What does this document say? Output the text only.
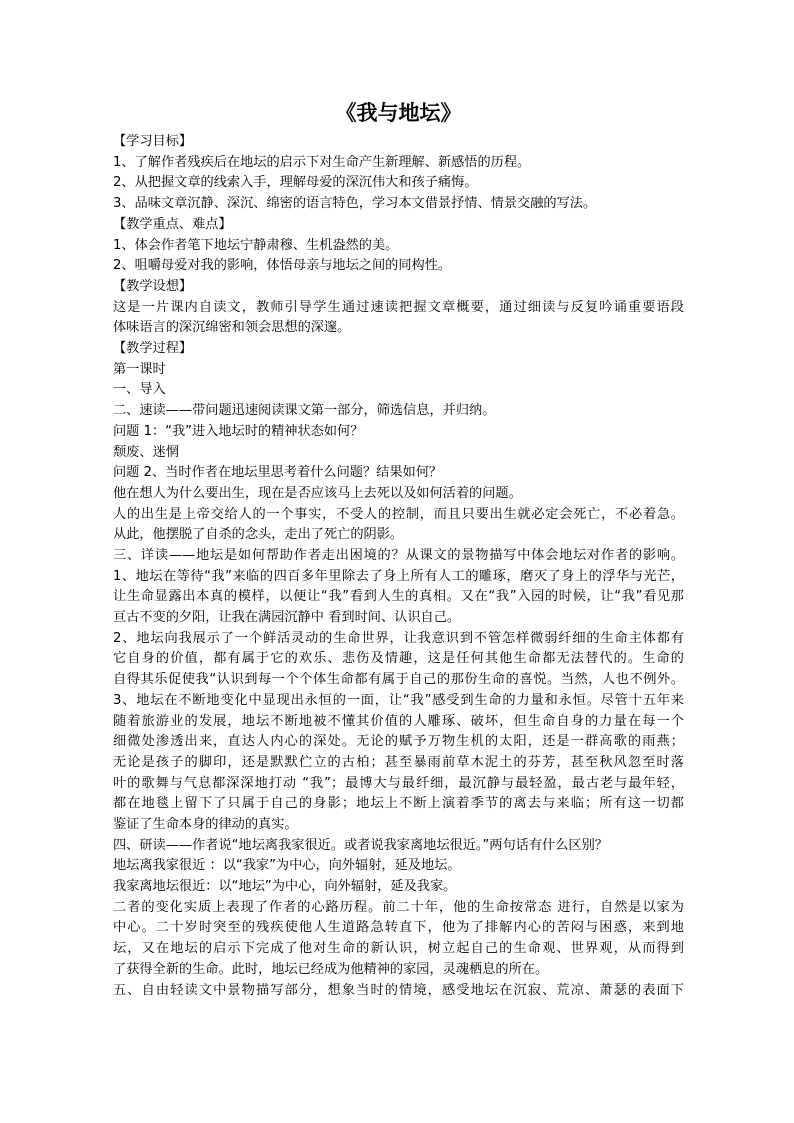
《我与地坛》

【学习目标】

1、了解作者残疾后在地坛的启示下对生命产生新理解、新感悟的历程。

2、从把握文章的线索入手，理解母爱的深沉伟大和孩子痛悔。

3、品味文章沉静、深沉、绵密的语言特色，学习本文借景抒情、情景交融的写法。

【教学重点、难点】

1、体会作者笔下地坛宁静肃穆、生机盎然的美。

2、咀嚼母爱对我的影响，体悟母亲与地坛之间的同构性。

【教学设想】

这是一片课内自读文，教师引导学生通过速读把握文章概要，通过细读与反复吟诵重要语段

体味语言的深沉绵密和领会思想的深邃。

【教学过程】

第一课时

一、导入

二、速读——带问题迅速阅读课文第一部分，筛选信息，并归纳。

问题 1：“我”进入地坛时的精神状态如何？

颓废、迷惘

问题 2、当时作者在地坛里思考着什么问题？结果如何？

他在想人为什么要出生，现在是否应该马上去死以及如何活着的问题。

人的出生是上帝交给人的一个事实，不受人的控制，而且只要出生就必定会死亡，不必着急。

从此，他摆脱了自杀的念头，走出了死亡的阴影。

三、详读——地坛是如何帮助作者走出困境的？从课文的景物描写中体会地坛对作者的影响。

1、地坛在等待“我”来临的四百多年里除去了身上所有人工的雕琢，磨灭了身上的浮华与光芒，

让生命显露出本真的模样，以便让“我”看到人生的真相。又在“我”入园的时候，让“我”看见那

亘古不变的夕阳，让我在满园沉静中 看到时间、认识自己。

2、地坛向我展示了一个鲜活灵动的生命世界，让我意识到不管怎样微弱纤细的生命主体都有

它自身的价值，都有属于它的欢乐、悲伤及情趣，这是任何其他生命都无法替代的。生命的

自得其乐促使我“认识到每一个个体生命都有属于自己的那份生命的喜悦。当然，人也不例外。

3、地坛在不断地变化中显现出永恒的一面，让“我”感受到生命的力量和永恒。尽管十五年来

随着旅游业的发展，地坛不断地被不懂其价值的人雕琢、破坏，但生命自身的力量在每一个

细微处渗透出来，直达人内心的深处。无论的赋予万物生机的太阳，还是一群高歌的雨燕；

无论是孩子的脚印，还是默默伫立的古柏；甚至暴雨前草木泥土的芬芳，甚至秋风忽至时落

叶的歌舞与气息都深深地打动 “我”；最博大与最纤细，最沉静与最轻盈，最古老与最年轻，

都在地毯上留下了只属于自己的身影；地坛上不断上演着季节的离去与来临；所有这一切都

鉴证了生命本身的律动的真实。

四、研读——作者说“地坛离我家很近。或者说我家离地坛很近。”两句话有什么区别？

地坛离我家很近 ：以“我家”为中心，向外辐射，延及地坛。

我家离地坛很近：以“地坛”为中心，向外辐射，延及我家。

二者的变化实质上表现了作者的心路历程。前二十年，他的生命按常态 进行，自然是以家为

中心。二十岁时突至的残疾使他人生道路急转直下，他为了排解内心的苦闷与困惑，来到地

坛，又在地坛的启示下完成了他对生命的新认识，树立起自己的生命观、世界观，从而得到

了获得全新的生命。此时，地坛已经成为他精神的家园，灵魂栖息的所在。

五、自由轻读文中景物描写部分，想象当时的情境，感受地坛在沉寂、荒凉、萧瑟的表面下
